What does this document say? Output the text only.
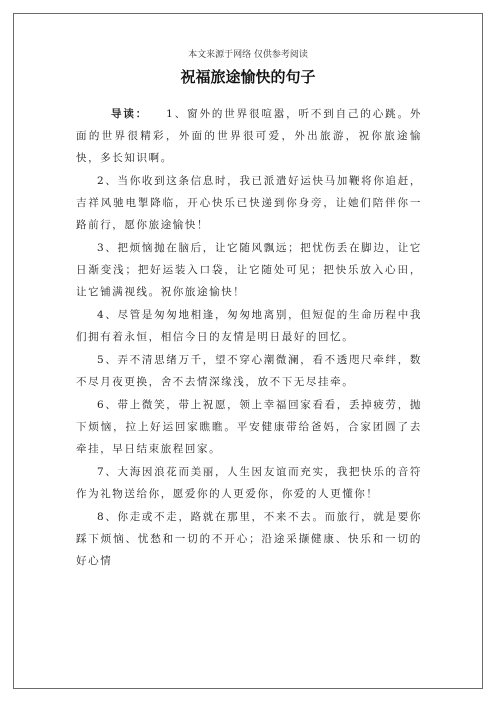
本文来源于网络 仅供参考阅读
祝福旅途愉快的句子

导读： 1、窗外的世界很喧嚣，听不到自己的心跳。外面的世界很精彩，外面的世界很可爱，外出旅游，祝你旅途愉快，多长知识啊。

2、当你收到这条信息时，我已派遣好运快马加鞭将你追赶，吉祥风驰电掣降临，开心快乐已快递到你身旁，让她们陪伴你一路前行，愿你旅途愉快！

3、把烦恼抛在脑后，让它随风飘远；把忧伤丢在脚边，让它日渐变浅；把好运装入口袋，让它随处可见；把快乐放入心田，让它铺满视线。祝你旅途愉快！

4、尽管是匆匆地相逢，匆匆地离别，但短促的生命历程中我们拥有着永恒，相信今日的友情是明日最好的回忆。

5、弄不清思绪万千，望不穿心潮微澜，看不透咫尺牵绊，数不尽月夜更换，舍不去情深缘浅，放不下无尽挂牵。

6、带上微笑，带上祝愿，领上幸福回家看看，丢掉疲劳，抛下烦恼，拉上好运回家瞧瞧。平安健康带给爸妈，合家团圆了去牵挂，早日结束旅程回家。

7、大海因浪花而美丽，人生因友谊而充实，我把快乐的音符作为礼物送给你，愿爱你的人更爱你，你爱的人更懂你！

8、你走或不走，路就在那里，不来不去。而旅行，就是要你踩下烦恼、忧愁和一切的不开心；沿途采撷健康、快乐和一切的好心情
